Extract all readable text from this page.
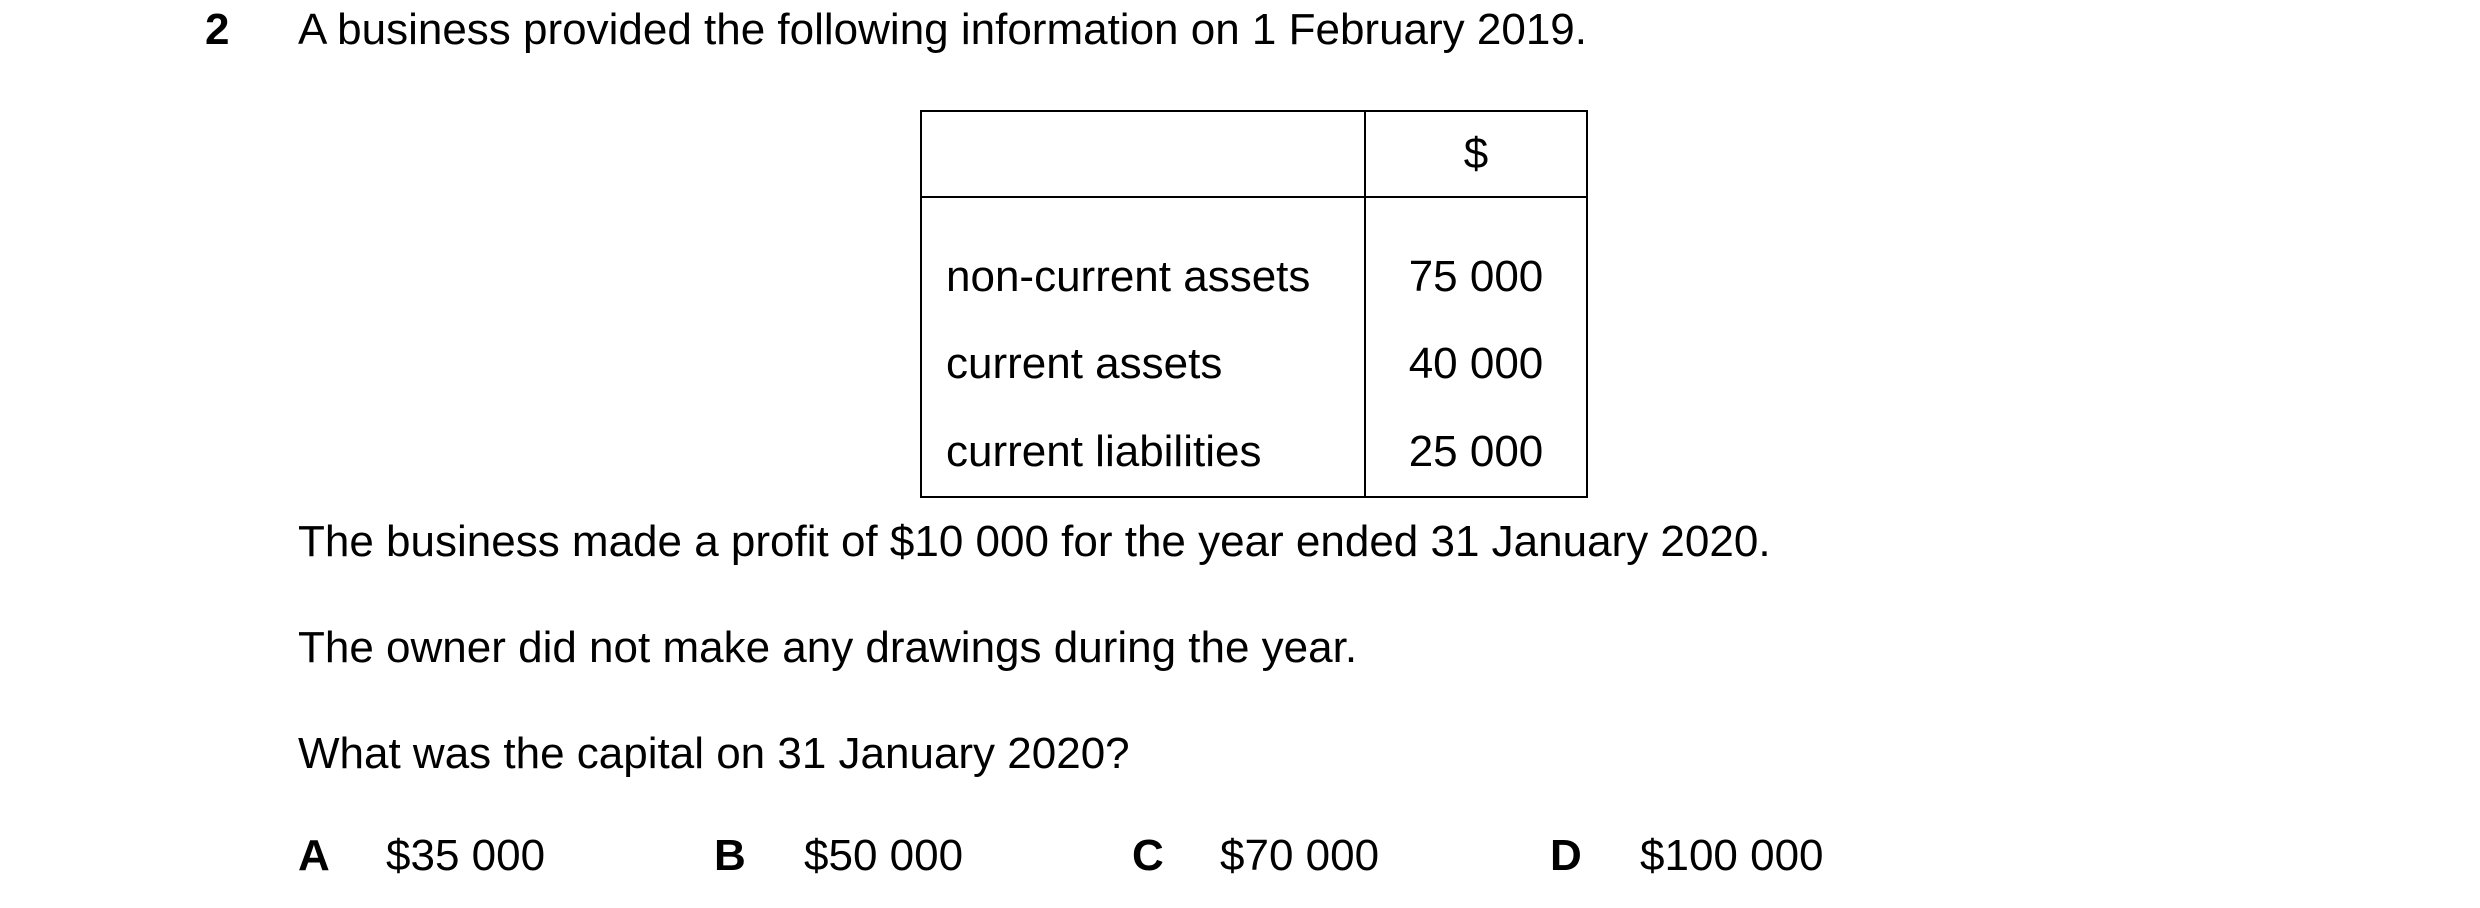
2 A business provided the following information on 1 February 2019.
	$
non-current assets	75 000
current assets	40 000
current liabilities	25 000
The business made a profit of $10 000 for the year ended 31 January 2020.
The owner did not make any drawings during the year.
What was the capital on 31 January 2020?
A $35 000	B $50 000	C $70 000	D $100 000
